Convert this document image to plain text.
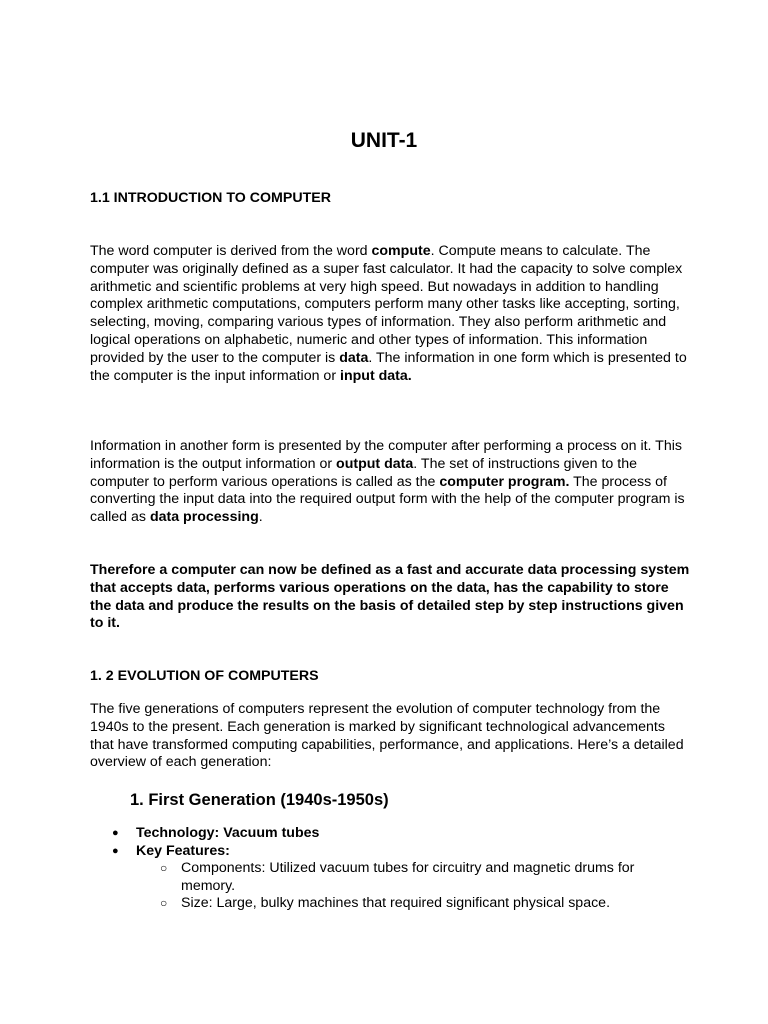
UNIT-1
1.1 INTRODUCTION TO COMPUTER

The word computer is derived from the word compute. Compute means to calculate. The computer was originally defined as a super fast calculator. It had the capacity to solve complex arithmetic and scientific problems at very high speed. But nowadays in addition to handling complex arithmetic computations, computers perform many other tasks like accepting, sorting, selecting, moving, comparing various types of information. They also perform arithmetic and logical operations on alphabetic, numeric and other types of information. This information provided by the user to the computer is data. The information in one form which is presented to the computer is the input information or input data.

Information in another form is presented by the computer after performing a process on it. This information is the output information or output data. The set of instructions given to the computer to perform various operations is called as the computer program. The process of converting the input data into the required output form with the help of the computer program is called as data processing.

Therefore a computer can now be defined as a fast and accurate data processing system that accepts data, performs various operations on the data, has the capability to store the data and produce the results on the basis of detailed step by step instructions given to it.

1. 2 EVOLUTION OF COMPUTERS

The five generations of computers represent the evolution of computer technology from the 1940s to the present. Each generation is marked by significant technological advancements that have transformed computing capabilities, performance, and applications. Here’s a detailed overview of each generation:

1. First Generation (1940s-1950s)
● Technology: Vacuum tubes
● Key Features:
○ Components: Utilized vacuum tubes for circuitry and magnetic drums for memory.
○ Size: Large, bulky machines that required significant physical space.
